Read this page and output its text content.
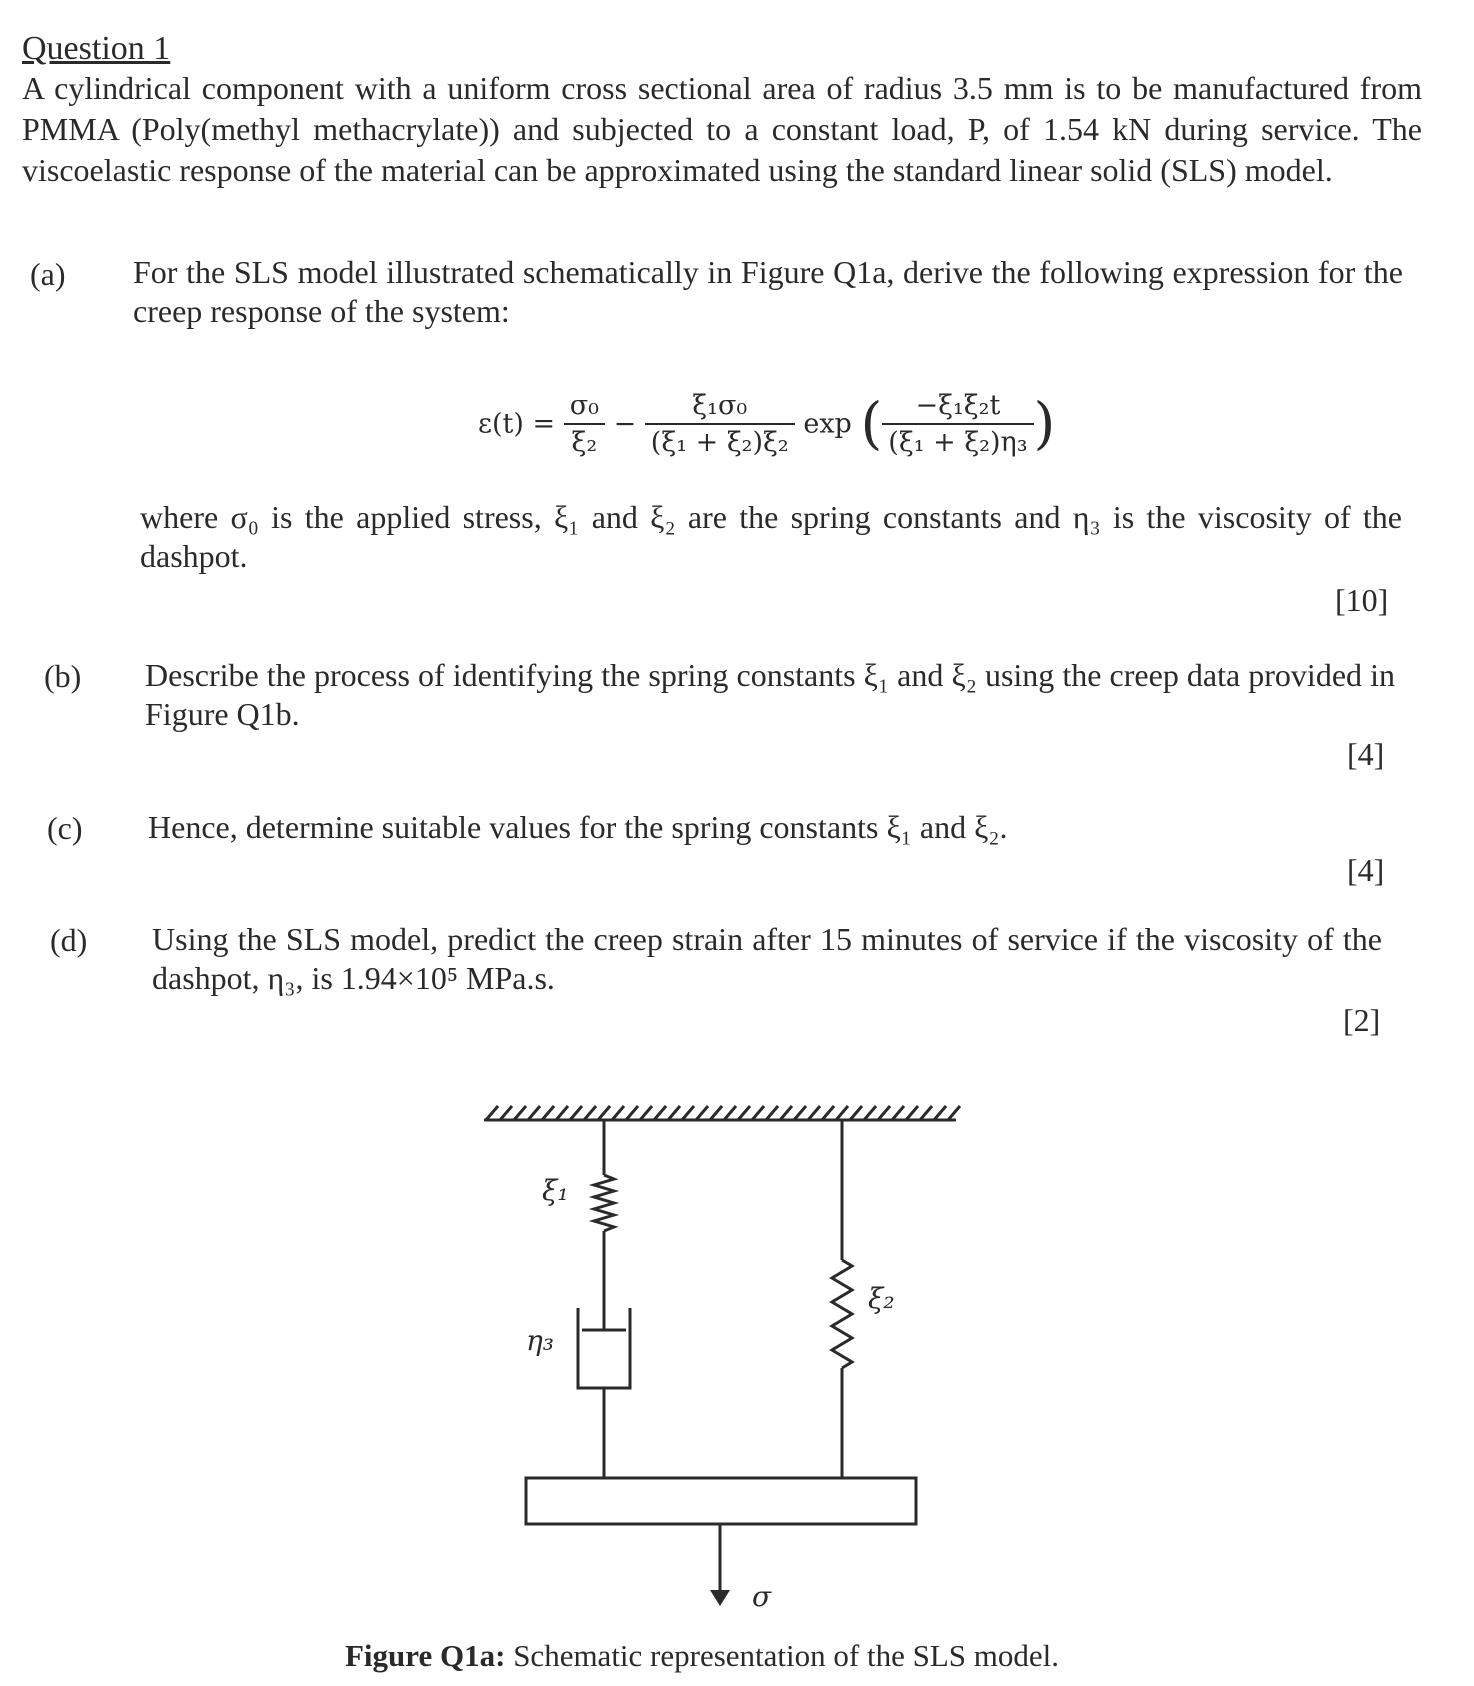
Question 1
A cylindrical component with a uniform cross sectional area of radius 3.5 mm is to be manufactured from PMMA (Poly(methyl methacrylate)) and subjected to a constant load, P, of 1.54 kN during service. The viscoelastic response of the material can be approximated using the standard linear solid (SLS) model.
(a) For the SLS model illustrated schematically in Figure Q1a, derive the following expression for the creep response of the system:
$\varepsilon(t) = \frac{\text{σ₀}}{\text{ξ₂}} - \frac{\text{ξ₁σ₀}}{\text{(ξ₁ + ξ₂)ξ₂}}$ exp ( $\frac{\text{−ξ₁ξ₂t}}{\text{(ξ₁ + ξ₂)η₃}}$ )
where σ₀ is the applied stress, ξ₁ and ξ₂ are the spring constants and η₃ is the viscosity of the dashpot.
[10]
(b) Describe the process of identifying the spring constants ξ₁ and ξ₂ using the creep data provided in Figure Q1b.
[4]
(c) Hence, determine suitable values for the spring constants ξ₁ and ξ₂.
[4]
(d) Using the SLS model, predict the creep strain after 15 minutes of service if the viscosity of the dashpot, η₃, is 1.94×10⁵ MPa.s.
[2]
ξ₁
ξ₂
η₃
σ
Figure Q1a: Schematic representation of the SLS model.
